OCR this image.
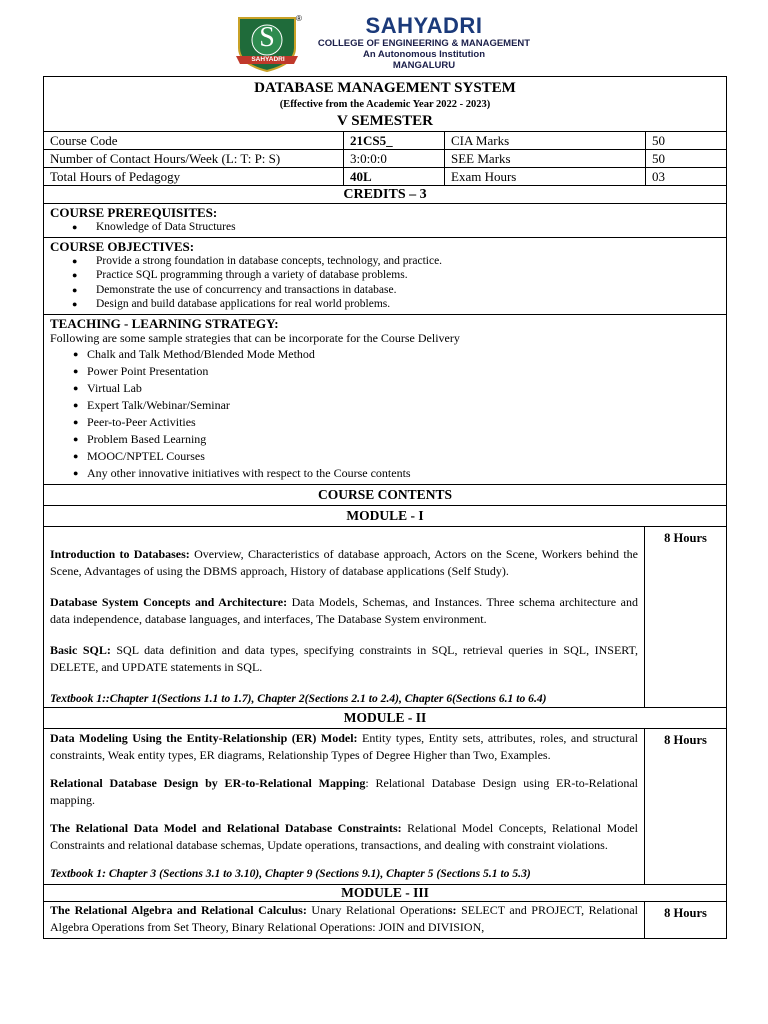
S
SAHYADRI
®	SAHYADRI
COLLEGE OF ENGINEERING & MANAGEMENT
An Autonomous Institution
MANGALURU
DATABASE MANAGEMENT SYSTEM
(Effective from the Academic Year 2022 - 2023)
V SEMESTER
Course Code	21CS5_	CIA Marks	50
Number of Contact Hours/Week (L: T: P: S)	3:0:0:0	SEE Marks	50
Total Hours of Pedagogy	40L	Exam Hours	03
CREDITS – 3
COURSE PREREQUISITES:
● Knowledge of Data Structures
COURSE OBJECTIVES:
● Provide a strong foundation in database concepts, technology, and practice.
● Practice SQL programming through a variety of database problems.
● Demonstrate the use of concurrency and transactions in database.
● Design and build database applications for real world problems.
TEACHING - LEARNING STRATEGY:
Following are some sample strategies that can be incorporate for the Course Delivery
● Chalk and Talk Method/Blended Mode Method
● Power Point Presentation
● Virtual Lab
● Expert Talk/Webinar/Seminar
● Peer-to-Peer Activities
● Problem Based Learning
● MOOC/NPTEL Courses
● Any other innovative initiatives with respect to the Course contents
COURSE CONTENTS
MODULE - I

Introduction to Databases: Overview, Characteristics of database approach, Actors on the Scene, Workers behind the Scene, Advantages of using the DBMS approach, History of database applications (Self Study).

Database System Concepts and Architecture: Data Models, Schemas, and Instances. Three schema architecture and data independence, database languages, and interfaces, The Database System environment.

Basic SQL: SQL data definition and data types, specifying constraints in SQL, retrieval queries in SQL, INSERT, DELETE, and UPDATE statements in SQL.

Textbook 1::Chapter 1(Sections 1.1 to 1.7), Chapter 2(Sections 2.1 to 2.4), Chapter 6(Sections 6.1 to 6.4)

8 Hours
MODULE - II

Data Modeling Using the Entity-Relationship (ER) Model: Entity types, Entity sets, attributes, roles, and structural constraints, Weak entity types, ER diagrams, Relationship Types of Degree Higher than Two, Examples.

Relational Database Design by ER-to-Relational Mapping: Relational Database Design using ER-to-Relational mapping.

The Relational Data Model and Relational Database Constraints: Relational Model Concepts, Relational Model Constraints and relational database schemas, Update operations, transactions, and dealing with constraint violations.

Textbook 1: Chapter 3 (Sections 3.1 to 3.10), Chapter 9 (Sections 9.1), Chapter 5 (Sections 5.1 to 5.3)

8 Hours
MODULE - III

The Relational Algebra and Relational Calculus: Unary Relational Operations: SELECT and PROJECT, Relational Algebra Operations from Set Theory, Binary Relational Operations: JOIN and DIVISION,

8 Hours
